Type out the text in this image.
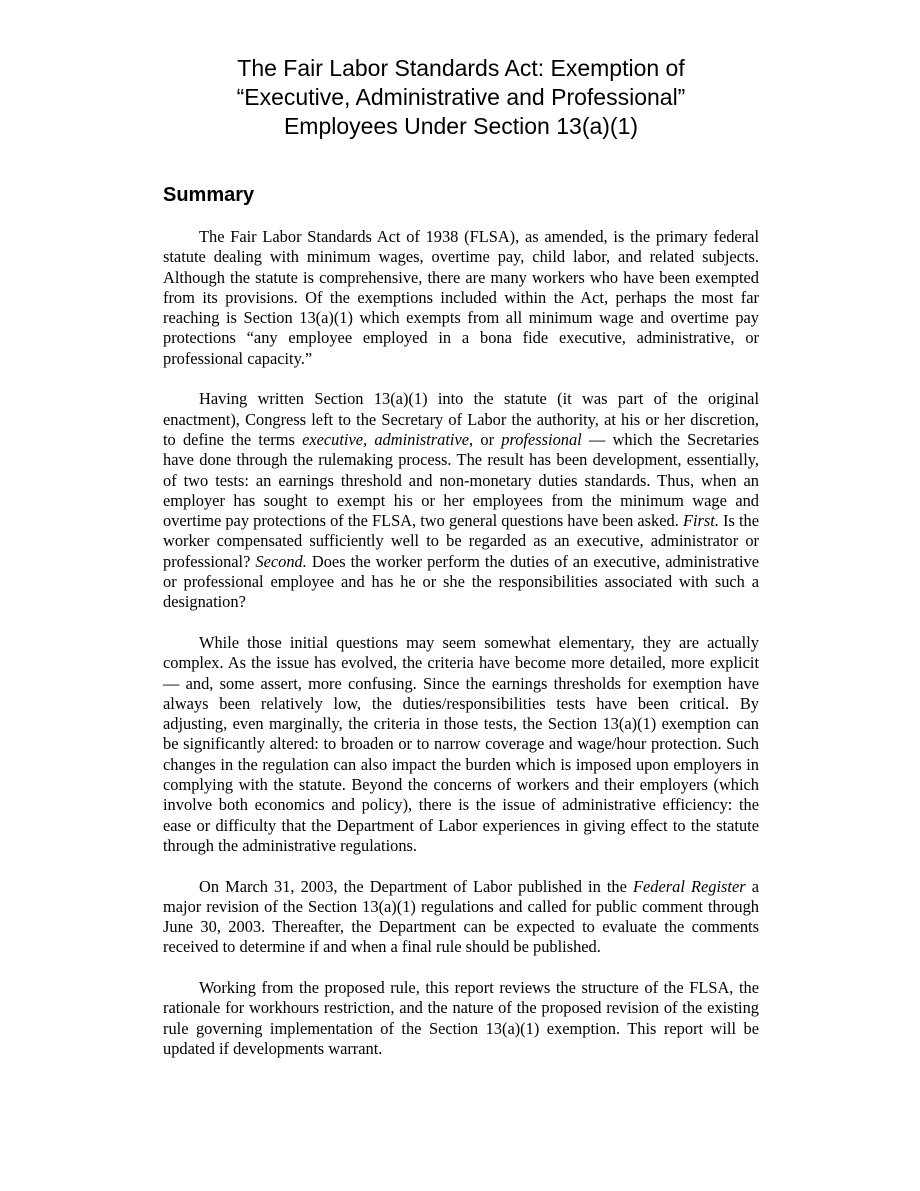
The Fair Labor Standards Act: Exemption of
“Executive, Administrative and Professional”
Employees Under Section 13(a)(1)
Summary

The Fair Labor Standards Act of 1938 (FLSA), as amended, is the primary federal statute dealing with minimum wages, overtime pay, child labor, and related subjects. Although the statute is comprehensive, there are many workers who have been exempted from its provisions. Of the exemptions included within the Act, perhaps the most far reaching is Section 13(a)(1) which exempts from all minimum wage and overtime pay protections “any employee employed in a bona fide executive, administrative, or professional capacity.”

Having written Section 13(a)(1) into the statute (it was part of the original enactment), Congress left to the Secretary of Labor the authority, at his or her discretion, to define the terms executive, administrative, or professional — which the Secretaries have done through the rulemaking process. The result has been development, essentially, of two tests: an earnings threshold and non-monetary duties standards. Thus, when an employer has sought to exempt his or her employees from the minimum wage and overtime pay protections of the FLSA, two general questions have been asked. First. Is the worker compensated sufficiently well to be regarded as an executive, administrator or professional? Second. Does the worker perform the duties of an executive, administrative or professional employee and has he or she the responsibilities associated with such a designation?

While those initial questions may seem somewhat elementary, they are actually complex. As the issue has evolved, the criteria have become more detailed, more explicit — and, some assert, more confusing. Since the earnings thresholds for exemption have always been relatively low, the duties/responsibilities tests have been critical. By adjusting, even marginally, the criteria in those tests, the Section 13(a)(1) exemption can be significantly altered: to broaden or to narrow coverage and wage/hour protection. Such changes in the regulation can also impact the burden which is imposed upon employers in complying with the statute. Beyond the concerns of workers and their employers (which involve both economics and policy), there is the issue of administrative efficiency: the ease or difficulty that the Department of Labor experiences in giving effect to the statute through the administrative regulations.

On March 31, 2003, the Department of Labor published in the Federal Register a major revision of the Section 13(a)(1) regulations and called for public comment through June 30, 2003. Thereafter, the Department can be expected to evaluate the comments received to determine if and when a final rule should be published.

Working from the proposed rule, this report reviews the structure of the FLSA, the rationale for workhours restriction, and the nature of the proposed revision of the existing rule governing implementation of the Section 13(a)(1) exemption. This report will be updated if developments warrant.
